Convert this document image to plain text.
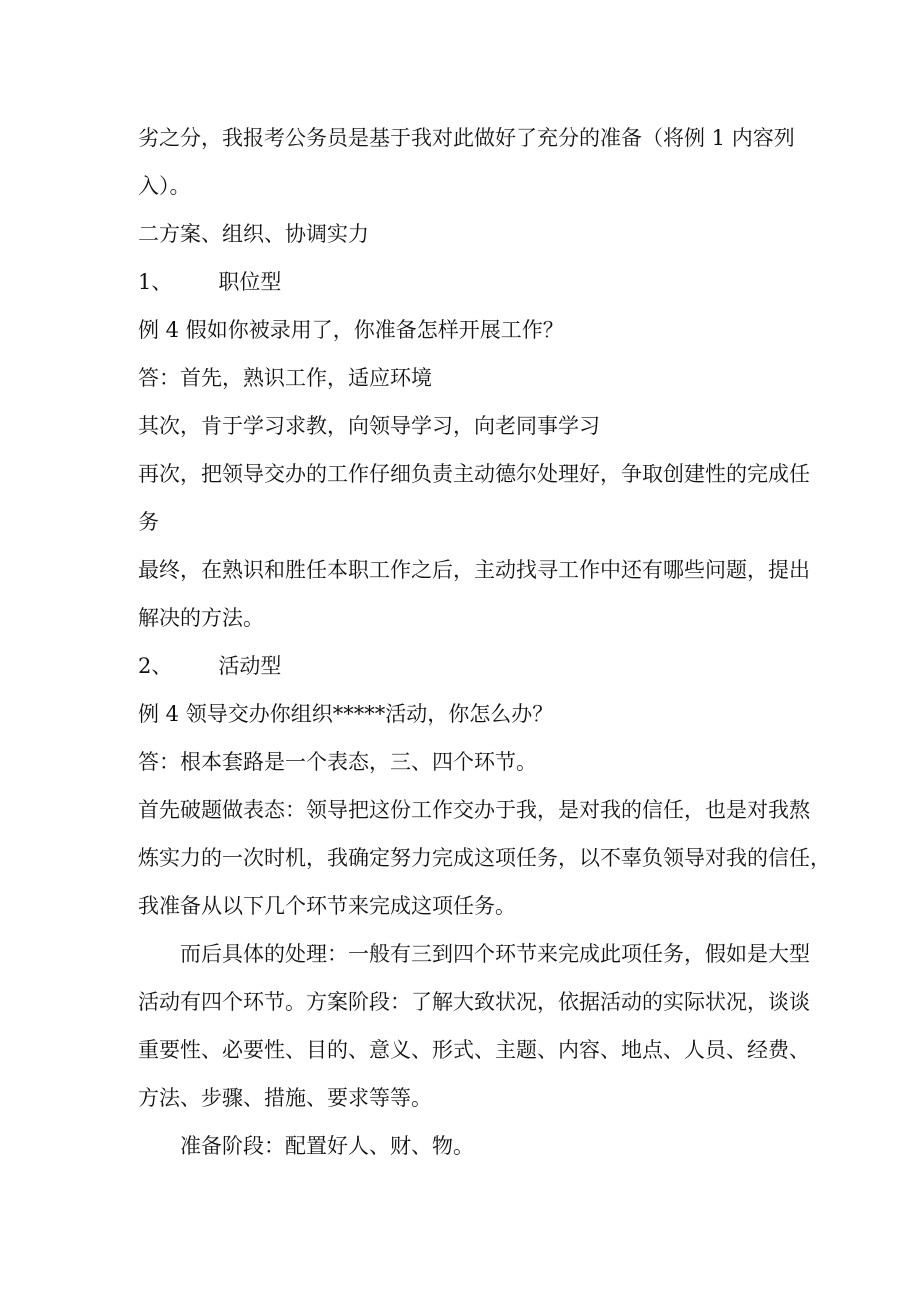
劣之分，我报考公务员是基于我对此做好了充分的准备（将例 1 内容列

入）。

二方案、组织、协调实力

1、 职位型

例 4 假如你被录用了，你准备怎样开展工作？

答：首先，熟识工作，适应环境

其次，肯于学习求教，向领导学习，向老同事学习

再次，把领导交办的工作仔细负责主动德尔处理好，争取创建性的完成任

务

最终，在熟识和胜任本职工作之后，主动找寻工作中还有哪些问题，提出

解决的方法。

2、 活动型

例 4 领导交办你组织*****活动，你怎么办？

答：根本套路是一个表态，三、四个环节。

首先破题做表态：领导把这份工作交办于我，是对我的信任，也是对我熬

炼实力的一次时机，我确定努力完成这项任务，以不辜负领导对我的信任，

我准备从以下几个环节来完成这项任务。

而后具体的处理：一般有三到四个环节来完成此项任务，假如是大型

活动有四个环节。方案阶段：了解大致状况，依据活动的实际状况，谈谈

重要性、必要性、目的、意义、形式、主题、内容、地点、人员、经费、

方法、步骤、措施、要求等等。

准备阶段：配置好人、财、物。
